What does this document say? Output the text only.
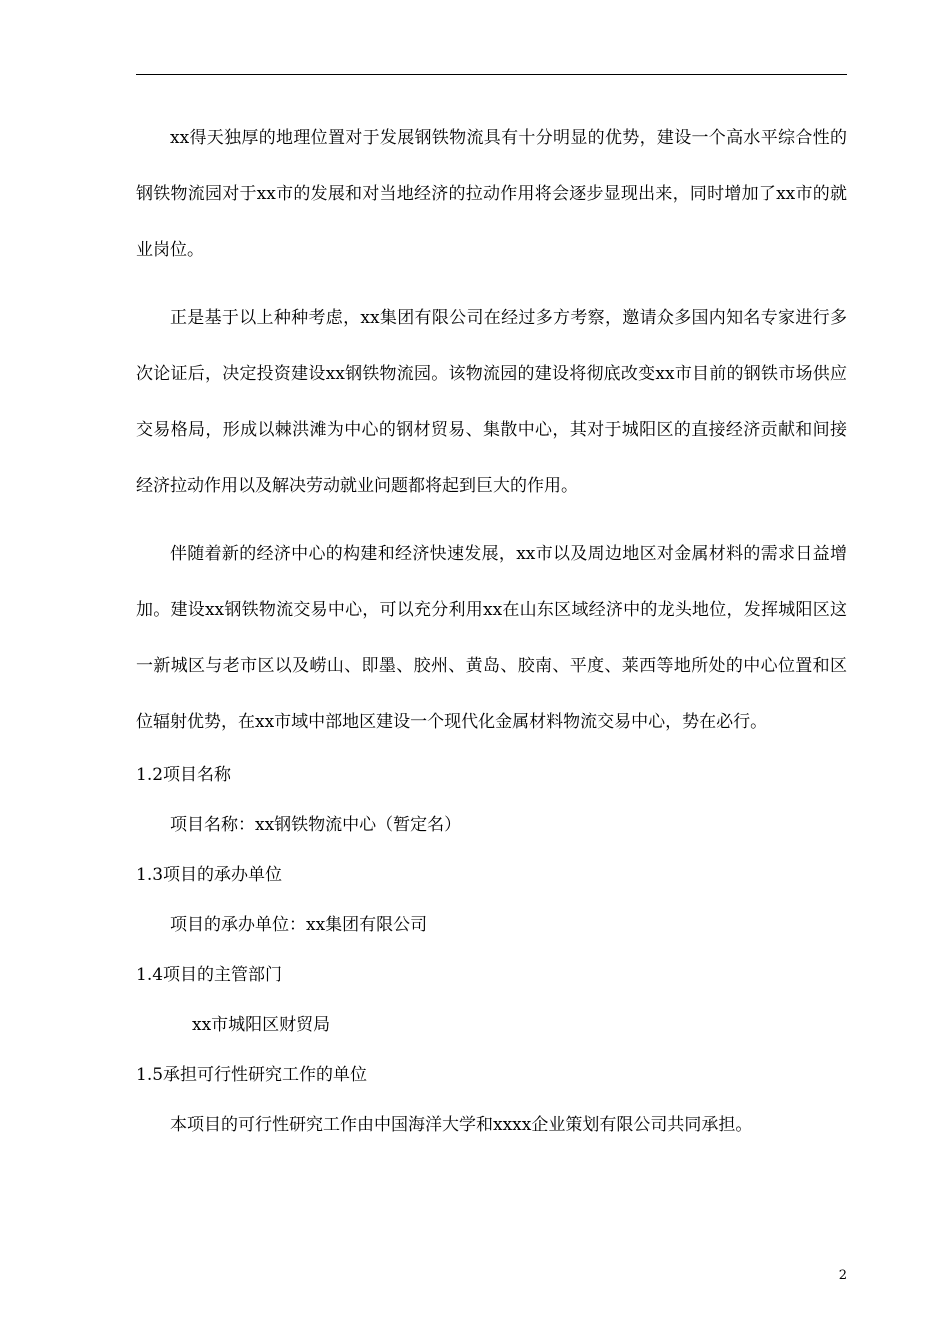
xx得天独厚的地理位置对于发展钢铁物流具有十分明显的优势，建设一个高水平综合性的钢铁物流园对于xx市的发展和对当地经济的拉动作用将会逐步显现出来，同时增加了xx市的就业岗位。

正是基于以上种种考虑，xx集团有限公司在经过多方考察，邀请众多国内知名专家进行多次论证后，决定投资建设xx钢铁物流园。该物流园的建设将彻底改变xx市目前的钢铁市场供应交易格局，形成以棘洪滩为中心的钢材贸易、集散中心，其对于城阳区的直接经济贡献和间接经济拉动作用以及解决劳动就业问题都将起到巨大的作用。

伴随着新的经济中心的构建和经济快速发展，xx市以及周边地区对金属材料的需求日益增加。建设xx钢铁物流交易中心，可以充分利用xx在山东区域经济中的龙头地位，发挥城阳区这一新城区与老市区以及崂山、即墨、胶州、黄岛、胶南、平度、莱西等地所处的中心位置和区位辐射优势，在xx市域中部地区建设一个现代化金属材料物流交易中心，势在必行。

1.2项目名称

项目名称：xx钢铁物流中心（暂定名）

1.3项目的承办单位

项目的承办单位：xx集团有限公司

1.4项目的主管部门

xx市城阳区财贸局

1.5承担可行性研究工作的单位

本项目的可行性研究工作由中国海洋大学和xxxx企业策划有限公司共同承担。

2
